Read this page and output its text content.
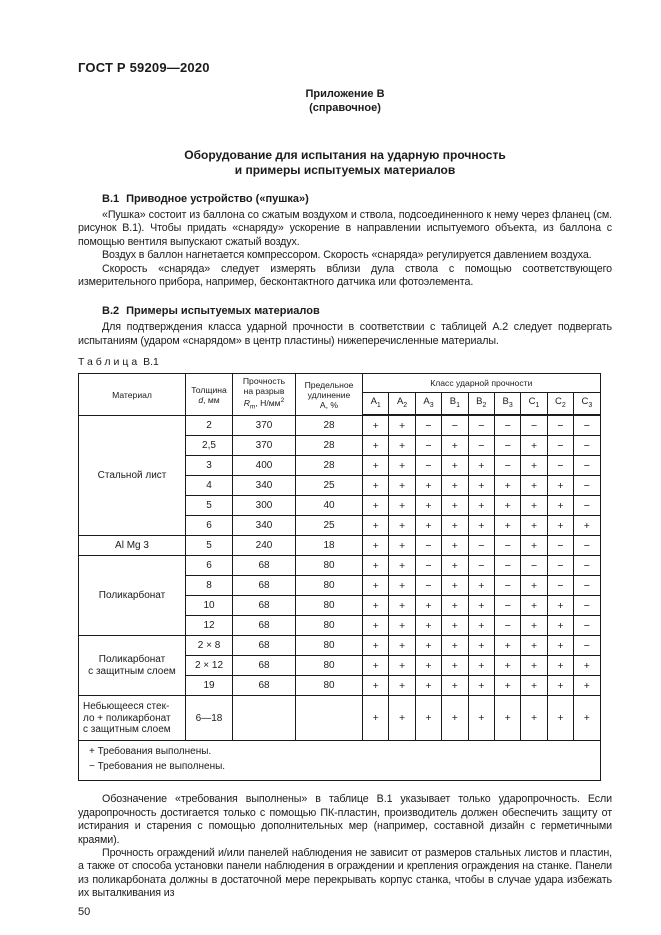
ГОСТ Р 59209—2020
Приложение В
(справочное)
Оборудование для испытания на ударную прочность
и примеры испытуемых материалов
В.1 Приводное устройство («пушка»)

«Пушка» состоит из баллона со сжатым воздухом и ствола, подсоединенного к нему через фланец (см. рисунок В.1). Чтобы придать «снаряду» ускорение в направлении испытуемого объекта, из баллона с помощью вентиля выпускают сжатый воздух.

Воздух в баллон нагнетается компрессором. Скорость «снаряда» регулируется давлением воздуха.

Скорость «снаряда» следует измерять вблизи дула ствола с помощью соответствующего измерительного прибора, например, бесконтактного датчика или фотоэлемента.

В.2 Примеры испытуемых материалов

Для подтверждения класса ударной прочности в соответствии с таблицей А.2 следует подвергать испытаниям (ударом «снарядом» в центр пластины) нижеперечисленные материалы.

Таблица В.1
Материал	Толщина
d, мм

Прочность
на разрыв
$R_m$, $Н/мм^2$

Предельное
удлинение
А, %
	Класс ударной прочности
				$А_1$	$А_2$	$А_3$	$В_1$	$В_2$	$В_3$	$С_1$	$С_2$	$С_3$

Стальной лист	2	370	28	+	+	−	−	−	−	−	−	−
	2,5	370	28	+	+	−	+	−	−	+	−	−
	3	400	28	+	+	−	+	+	−	+	−	−
	4	340	25	+	+	+	+	+	+	+	+	−
	5	300	40	+	+	+	+	+	+	+	+	−
	6	340	25	+	+	+	+	+	+	+	+	+

Al Mg 3	5	240	18	+	+	−	+	−	−	+	−	−

Поликарбонат	6	68	80	+	+	−	+	−	−	−	−	−
	8	68	80	+	+	−	+	+	−	+	−	−
	10	68	80	+	+	+	+	+	−	+	+	−
	12	68	80	+	+	+	+	+	−	+	+	−

Поликарбонат
с защитным слоем	2 × 8	68	80	+	+	+	+	+	+	+	+	−
	2 × 12	68	80	+	+	+	+	+	+	+	+	+
	19	68	80	+	+	+	+	+	+	+	+	+

Небьющееся стек-
ло + поликарбонат
с защитным слоем	6—18			+	+	+	+	+	+	+	+	+

+ Требования выполнены.
− Требования не выполнены.												

Обозначение «требования выполнены» в таблице В.1 указывает только ударопрочность. Если ударопрочность достигается только с помощью ПК-пластин, производитель должен обеспечить защиту от истирания и старения с помощью дополнительных мер (например, составной дизайн с герметичными краями).

Прочность ограждений и/или панелей наблюдения не зависит от размеров стальных листов и пластин, а также от способа установки панели наблюдения в ограждении и крепления ограждения на станке. Панели из поликарбоната должны в достаточной мере перекрывать корпус станка, чтобы в случае удара избежать их выталкивания из

50
